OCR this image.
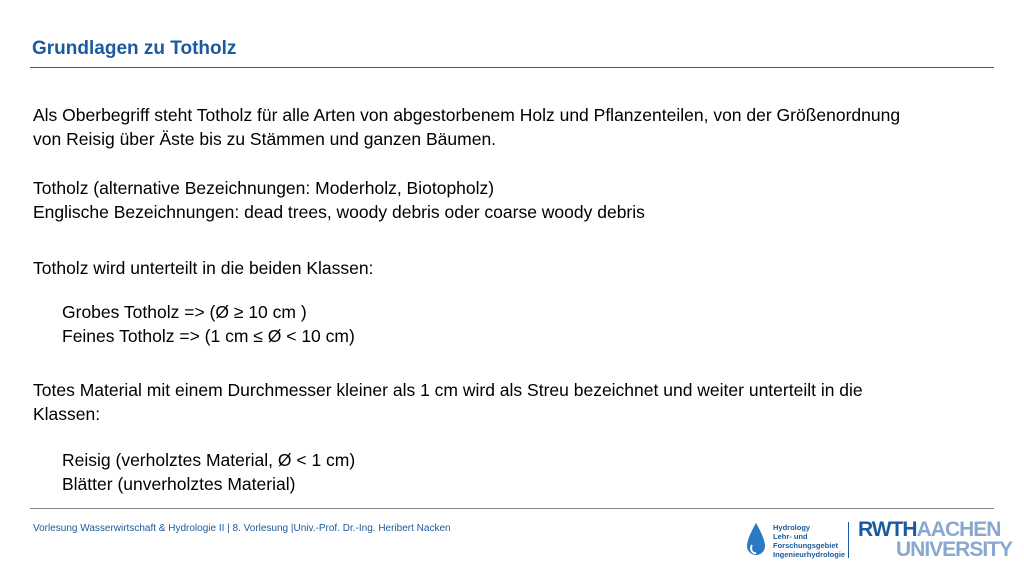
Grundlagen zu Totholz
Als Oberbegriff steht Totholz für alle Arten von abgestorbenem Holz und Pflanzenteilen, von der Größenordnung
von Reisig über Äste bis zu Stämmen und ganzen Bäumen.
Totholz (alternative Bezeichnungen: Moderholz, Biotopholz)
Englische Bezeichnungen: dead trees, woody debris oder coarse woody debris
Totholz wird unterteilt in die beiden Klassen:
Grobes Totholz => (Ø ≥ 10 cm )
Feines Totholz => (1 cm ≤ Ø < 10 cm)
Totes Material mit einem Durchmesser kleiner als 1 cm wird als Streu bezeichnet und weiter unterteilt in die
Klassen:
Reisig (verholztes Material, Ø < 1 cm)
Blätter (unverholztes Material)
Vorlesung Wasserwirtschaft & Hydrologie II | 8. Vorlesung |Univ.-Prof. Dr.-Ing. Heribert Nacken	Hydrology
Lehr- und
Forschungsgebiet
Ingenieurhydrologie
RWTHAACHEN
UNIVERSITY
